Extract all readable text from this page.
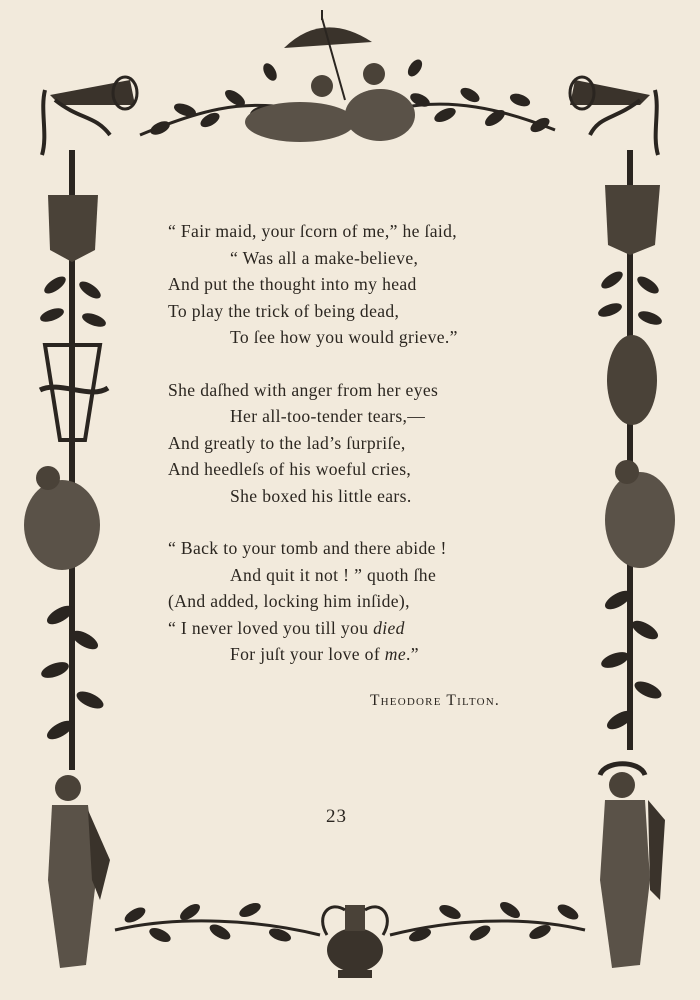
“ Fair maid, your ſcorn of me,” he ſaid,
“ Was all a make-believe,
And put the thought into my head
To play the trick of being dead,
To ſee how you would grieve.”
She daſhed with anger from her eyes
Her all-too-tender tears,—
And greatly to the lad’s ſurpriſe,
And heedleſs of his woeful cries,
She boxed his little ears.
“ Back to your tomb and there abide !
And quit it not ! ” quoth ſhe
(And added, locking him inſide),
“ I never loved you till you died
For juſt your love of me.”
Theodore Tilton.
23
